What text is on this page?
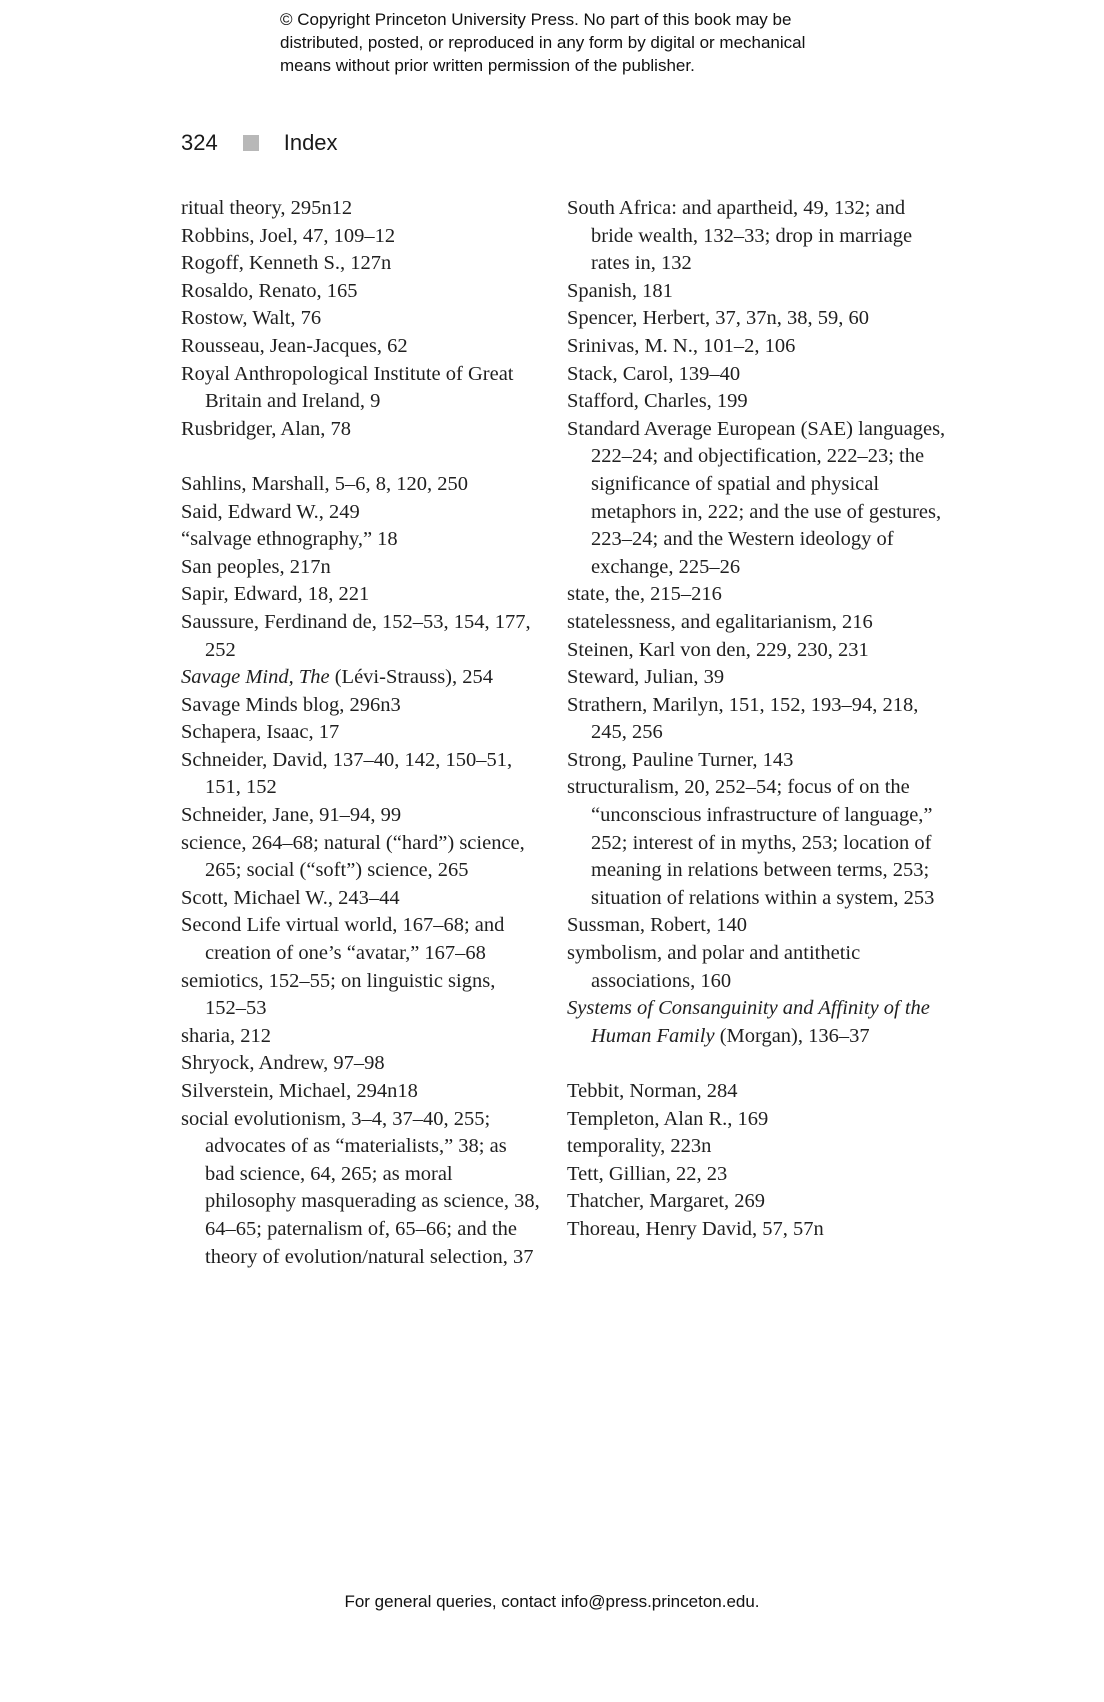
© Copyright Princeton University Press. No part of this book may be
distributed, posted, or reproduced in any form by digital or mechanical
means without prior written permission of the publisher.
324	Index
ritual theory, 295n12
Robbins, Joel, 47, 109–12
Rogoff, Kenneth S., 127n
Rosaldo, Renato, 165
Rostow, Walt, 76
Rousseau, Jean-Jacques, 62
Royal Anthropological Institute of Great Britain and Ireland, 9
Rusbridger, Alan, 78
Sahlins, Marshall, 5–6, 8, 120, 250
Said, Edward W., 249
“salvage ethnography,” 18
San peoples, 217n
Sapir, Edward, 18, 221
Saussure, Ferdinand de, 152–53, 154, 177, 252
Savage Mind, The (Lévi-Strauss), 254
Savage Minds blog, 296n3
Schapera, Isaac, 17
Schneider, David, 137–40, 142, 150–51, 151, 152
Schneider, Jane, 91–94, 99
science, 264–68; natural (“hard”) science, 265; social (“soft”) science, 265
Scott, Michael W., 243–44
Second Life virtual world, 167–68; and creation of one’s “avatar,” 167–68
semiotics, 152–55; on linguistic signs, 152–53
sharia, 212
Shryock, Andrew, 97–98
Silverstein, Michael, 294n18
social evolutionism, 3–4, 37–40, 255; advocates of as “materialists,” 38; as bad science, 64, 265; as moral philosophy masquerading as science, 38, 64–65; paternalism of, 65–66; and the theory of evolution/natural selection, 37
South Africa: and apartheid, 49, 132; and bride wealth, 132–33; drop in marriage rates in, 132
Spanish, 181
Spencer, Herbert, 37, 37n, 38, 59, 60
Srinivas, M. N., 101–2, 106
Stack, Carol, 139–40
Stafford, Charles, 199
Standard Average European (SAE) languages, 222–24; and objectification, 222–23; the significance of spatial and physical metaphors in, 222; and the use of gestures, 223–24; and the Western ideology of exchange, 225–26
state, the, 215–216
statelessness, and egalitarianism, 216
Steinen, Karl von den, 229, 230, 231
Steward, Julian, 39
Strathern, Marilyn, 151, 152, 193–94, 218, 245, 256
Strong, Pauline Turner, 143
structuralism, 20, 252–54; focus of on the “unconscious infrastructure of language,” 252; interest of in myths, 253; location of meaning in relations between terms, 253; situation of relations within a system, 253
Sussman, Robert, 140
symbolism, and polar and antithetic associations, 160
Systems of Consanguinity and Affinity of the Human Family (Morgan), 136–37
Tebbit, Norman, 284
Templeton, Alan R., 169
temporality, 223n
Tett, Gillian, 22, 23
Thatcher, Margaret, 269
Thoreau, Henry David, 57, 57n
For general queries, contact info@press.princeton.edu.
